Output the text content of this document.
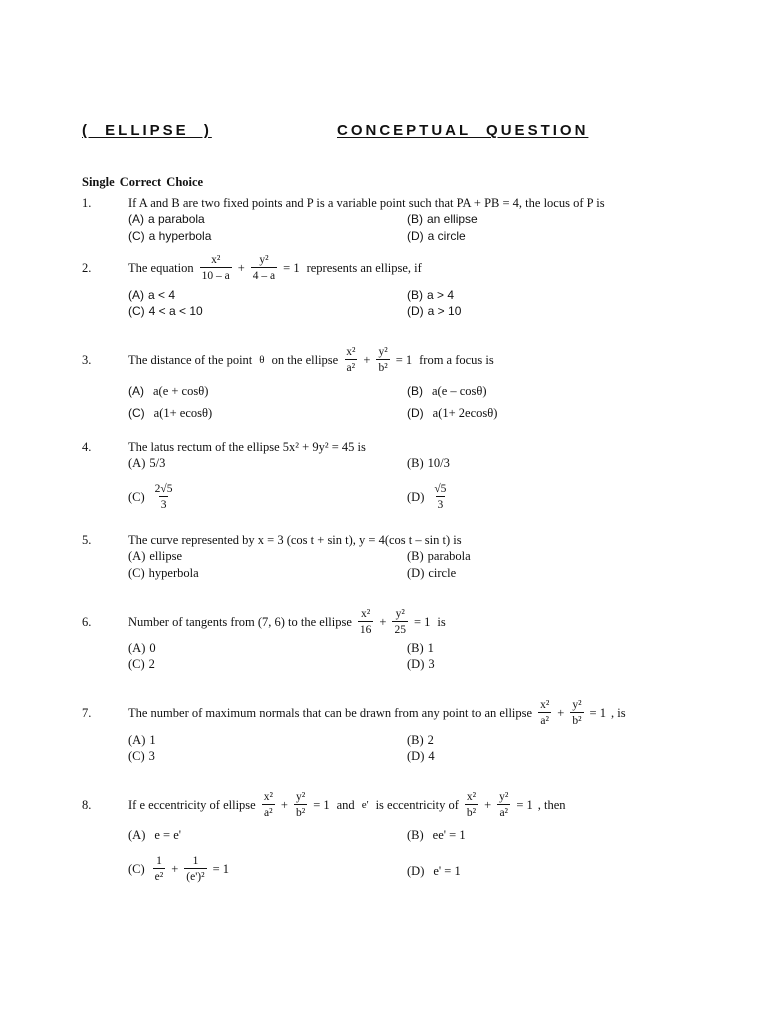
( ELLIPSE )	CONCEPTUAL QUESTION
Single Correct Choice
1.	If A and B are two fixed points and P is a variable point such that PA + PB = 4, the locus of P is
(A) a parabola	(B) an ellipse
(C) a hyperbola	(D) a circle
2.	The equation $\frac{\text{x²}}{10 - a} + \frac{\text{y²}}{4 - a} = 1$ represents an ellipse, if
(A) a < 4	(B) a > 4
(C) 4 < a < 10	(D) a > 10
3.	The distance of the point θ on the ellipse $\frac{\text{x²}}{\text{a²}} + \frac{\text{y²}}{\text{b²}} = 1$ from a focus is
(A) a(e + cosθ)	(B) a(e – cosθ)
(C) a(1+ ecosθ)	(D) a(1+ 2ecosθ)
4.	The latus rectum of the ellipse 5x² + 9y² = 45 is
(A) 5/3	(B) 10/3
$(C) \frac{2√5}{3}$	$(D) \frac{√5}{3}$
5.	The curve represented by x = 3 (cos t + sin t), y = 4(cos t – sin t) is
(A) ellipse	(B) parabola
(C) hyperbola	(D) circle
6.	Number of tangents from (7, 6) to the ellipse $\frac{\text{x²}}{16} + \frac{\text{y²}}{25} = 1$ is
(A) 0	(B) 1
(C) 2	(D) 3
7.	The number of maximum normals that can be drawn from any point to an ellipse $\frac{\text{x²}}{\text{a²}} + \frac{\text{y²}}{\text{b²}} = 1$ , is
(A) 1	(B) 2
(C) 3	(D) 4
8.	If e eccentricity of ellipse $\frac{\text{x²}}{\text{a²}} + \frac{\text{y²}}{\text{b²}} = 1$ and e' is eccentricity of $\frac{\text{x²}}{\text{b²}} + \frac{\text{y²}}{\text{a²}} = 1$ , then
(A) e = e'	(B) ee' = 1
$(C) \frac{1}{\text{e²}} + \frac{1}{\text{(e')²}} = 1$	(D) e' = 1
